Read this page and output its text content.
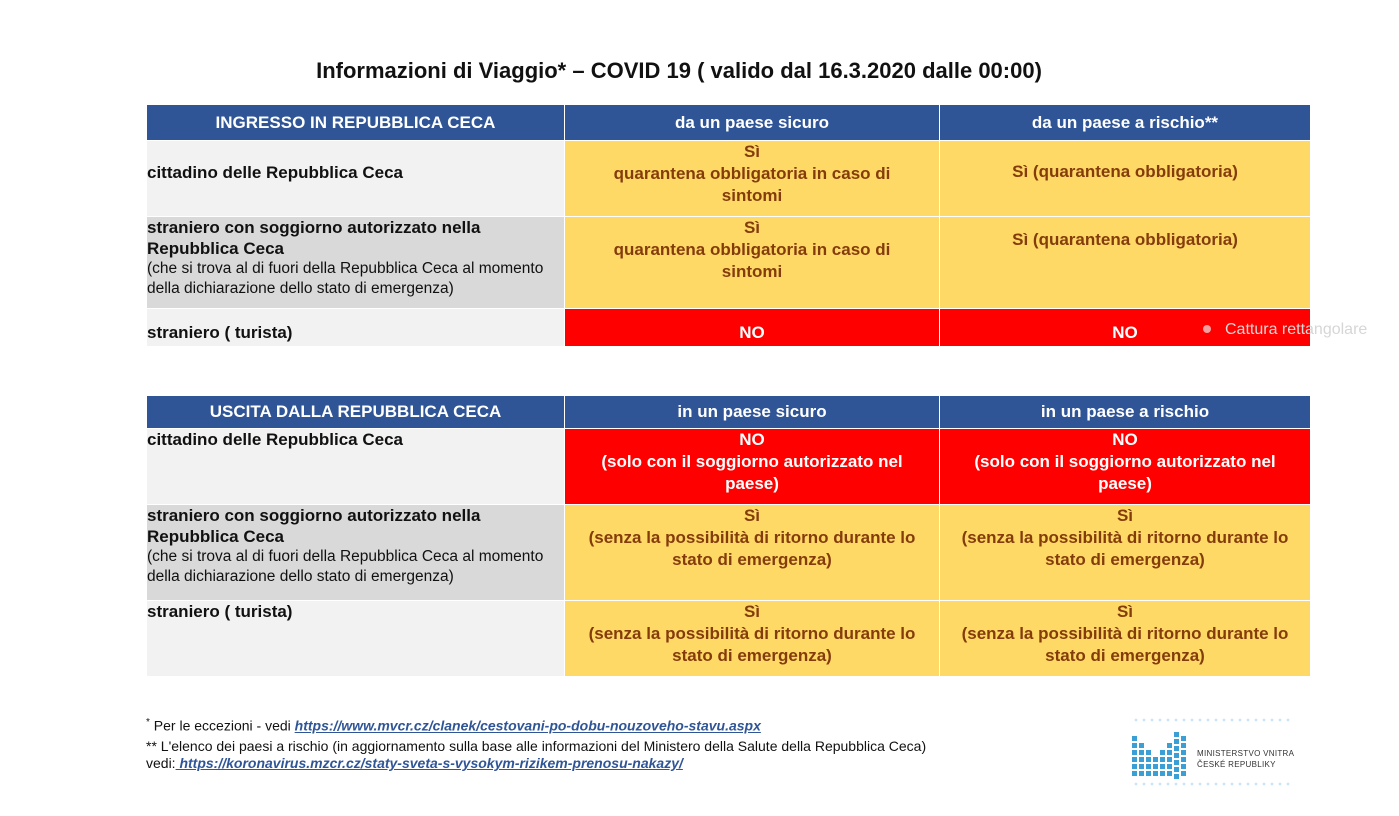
Informazioni di Viaggio* – COVID 19 ( valido dal 16.3.2020 dalle 00:00)
INGRESSO IN REPUBBLICA CECA	da un paese sicuro	da un paese a rischio**

cittadino delle Repubblica Ceca	Sì
quarantena obbligatoria in caso di
sintomi	Sì (quarantena obbligatoria)

straniero con soggiorno autorizzato nella Repubblica Ceca
(che si trova al di fuori della Repubblica Ceca al momento della dichiarazione dello stato di emergenza)	Sì
quarantena obbligatoria in caso di
sintomi	Sì (quarantena obbligatoria)

straniero ( turista)	NO	NO
USCITA DALLA REPUBBLICA CECA	in un paese sicuro	in un paese a rischio

cittadino delle Repubblica Ceca	NO
(solo con il soggiorno autorizzato nel
paese)	NO
(solo con il soggiorno autorizzato nel
paese)

straniero con soggiorno autorizzato nella Repubblica Ceca
(che si trova al di fuori della Repubblica Ceca al momento della dichiarazione dello stato di emergenza)	Sì
(senza la possibilità di ritorno durante lo
stato di emergenza)	Sì
(senza la possibilità di ritorno durante lo
stato di emergenza)

straniero ( turista)	Sì
(senza la possibilità di ritorno durante lo
stato di emergenza)	Sì
(senza la possibilità di ritorno durante lo
stato di emergenza)
* Per le eccezioni - vedi https://www.mvcr.cz/clanek/cestovani-po-dobu-nouzoveho-stavu.aspx
** L'elenco dei paesi a rischio (in aggiornamento sulla base alle informazioni del Ministero della Salute della Repubblica Ceca) vedi: https://koronavirus.mzcr.cz/staty-sveta-s-vysokym-rizikem-prenosu-nakazy/
Cattura rettangolare
MINISTERSTVO VNITRA
ČESKÉ REPUBLIKY
